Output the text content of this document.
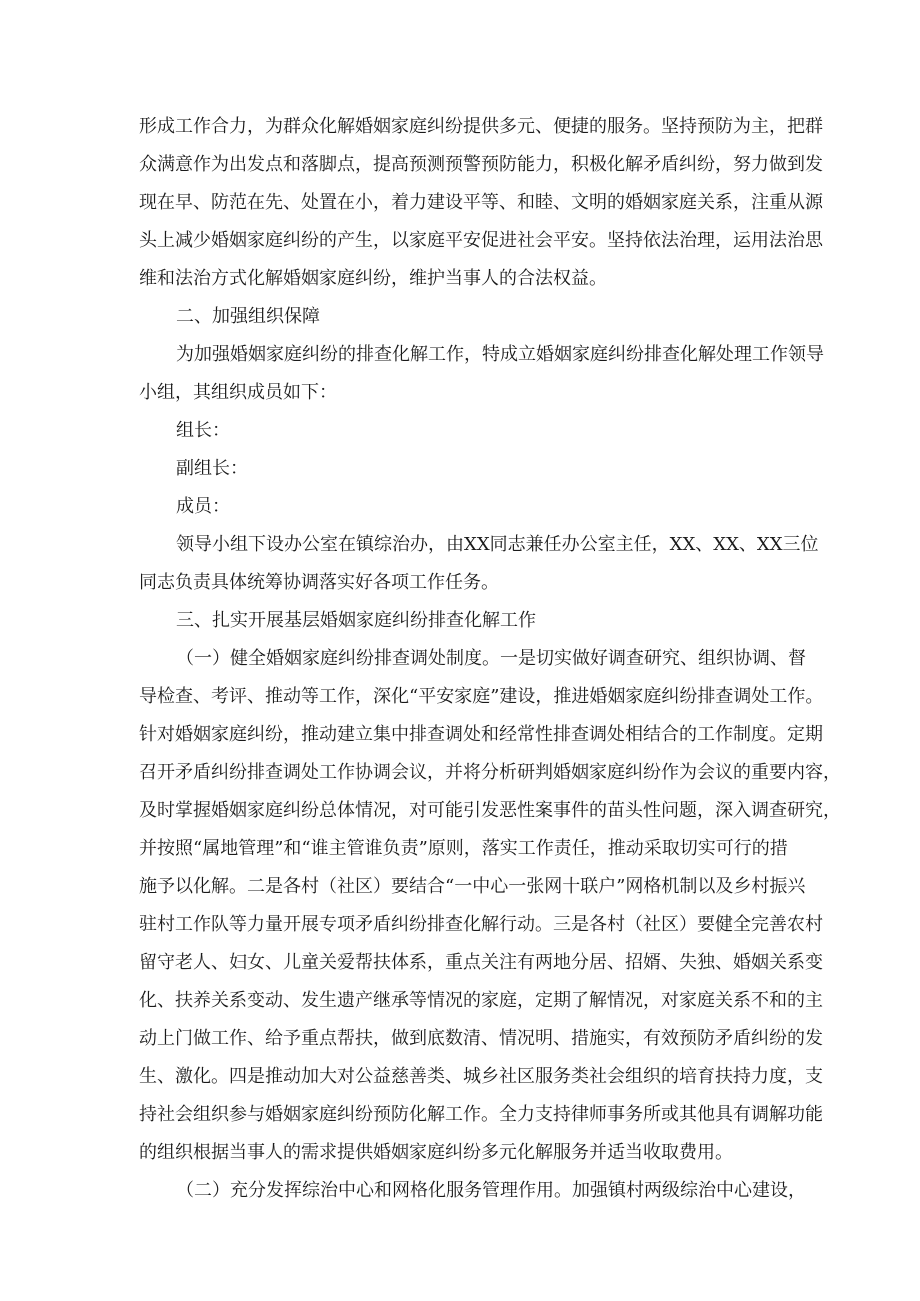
形成工作合力，为群众化解婚姻家庭纠纷提供多元、便捷的服务。坚持预防为主，把群

众满意作为出发点和落脚点，提高预测预警预防能力，积极化解矛盾纠纷，努力做到发

现在早、防范在先、处置在小，着力建设平等、和睦、文明的婚姻家庭关系，注重从源

头上减少婚姻家庭纠纷的产生，以家庭平安促进社会平安。坚持依法治理，运用法治思

维和法治方式化解婚姻家庭纠纷，维护当事人的合法权益。

二、加强组织保障

为加强婚姻家庭纠纷的排查化解工作，特成立婚姻家庭纠纷排查化解处理工作领导

小组，其组织成员如下：

组长：

副组长：

成员：

领导小组下设办公室在镇综治办，由XX同志兼任办公室主任，XX、XX、XX三位

同志负责具体统筹协调落实好各项工作任务。

三、扎实开展基层婚姻家庭纠纷排查化解工作

（一）健全婚姻家庭纠纷排查调处制度。一是切实做好调查研究、组织协调、督

导检查、考评、推动等工作，深化“平安家庭”建设，推进婚姻家庭纠纷排查调处工作。

针对婚姻家庭纠纷，推动建立集中排查调处和经常性排查调处相结合的工作制度。定期

召开矛盾纠纷排查调处工作协调会议，并将分析研判婚姻家庭纠纷作为会议的重要内容，

及时掌握婚姻家庭纠纷总体情况，对可能引发恶性案事件的苗头性问题，深入调查研究，

并按照“属地管理”和“谁主管谁负责”原则，落实工作责任，推动采取切实可行的措

施予以化解。二是各村（社区）要结合“一中心一张网十联户”网格机制以及乡村振兴

驻村工作队等力量开展专项矛盾纠纷排查化解行动。三是各村（社区）要健全完善农村

留守老人、妇女、儿童关爱帮扶体系，重点关注有两地分居、招婿、失独、婚姻关系变

化、扶养关系变动、发生遗产继承等情况的家庭，定期了解情况，对家庭关系不和的主

动上门做工作、给予重点帮扶，做到底数清、情况明、措施实，有效预防矛盾纠纷的发

生、激化。四是推动加大对公益慈善类、城乡社区服务类社会组织的培育扶持力度，支

持社会组织参与婚姻家庭纠纷预防化解工作。全力支持律师事务所或其他具有调解功能

的组织根据当事人的需求提供婚姻家庭纠纷多元化解服务并适当收取费用。

（二）充分发挥综治中心和网格化服务管理作用。加强镇村两级综治中心建设，
